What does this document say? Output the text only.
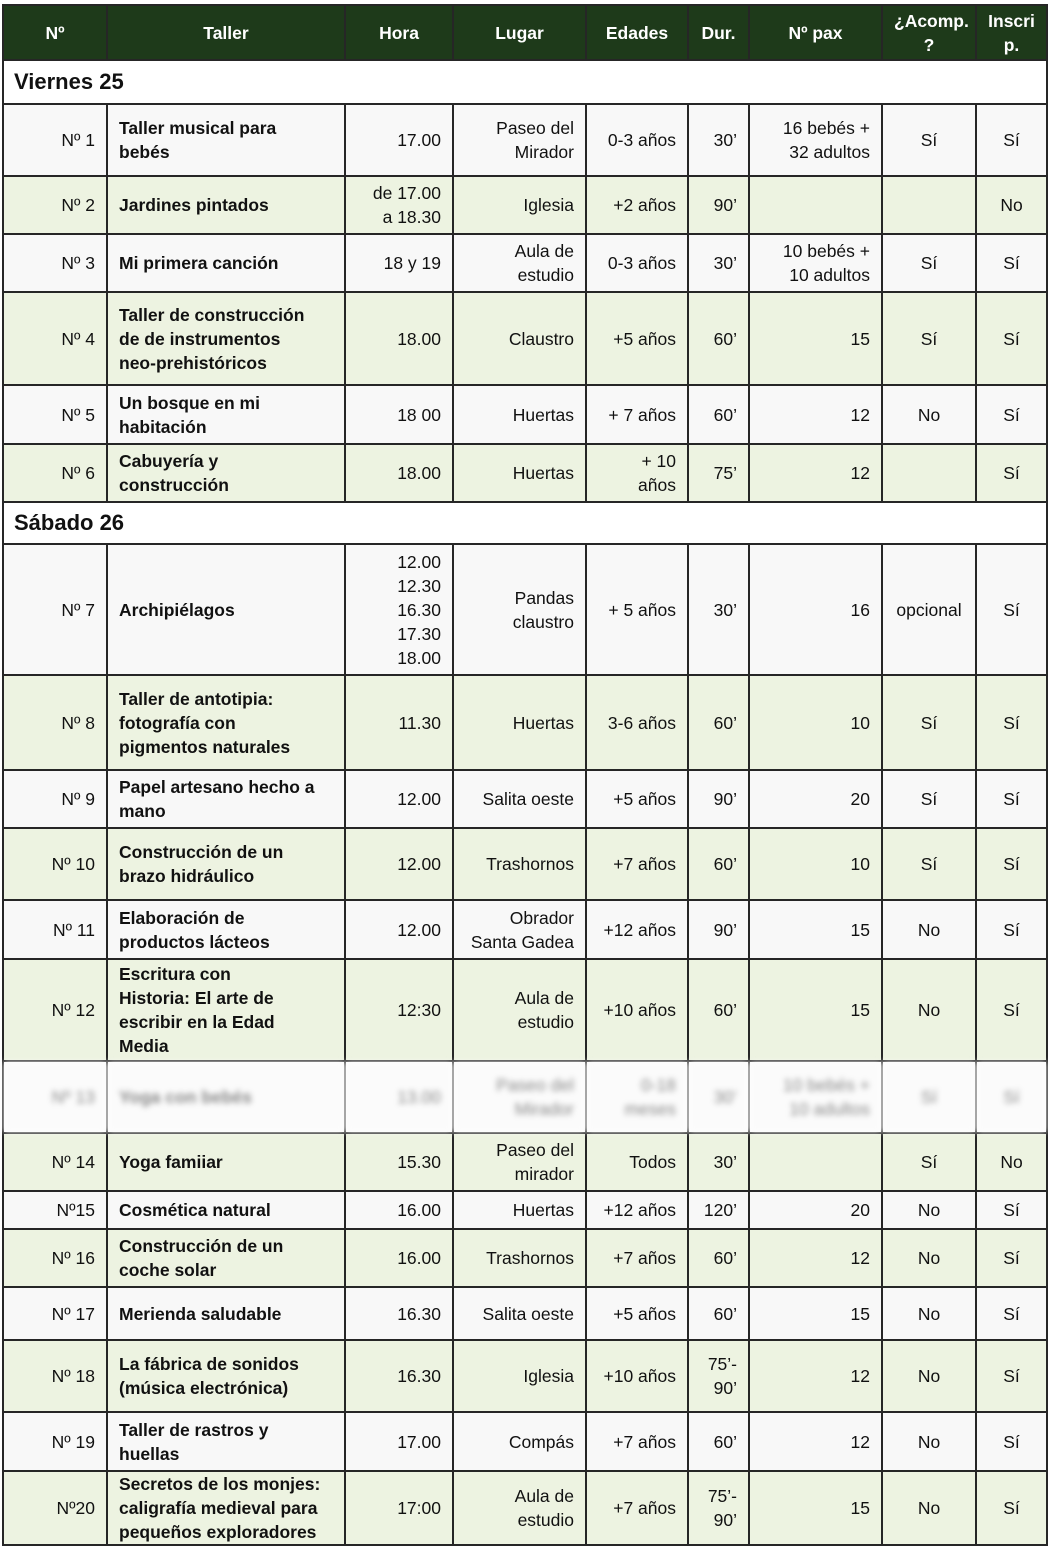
Nº	Taller	Hora	Lugar	Edades	Dur.	Nº pax	¿Acomp. ?	Inscri p.
Viernes 25								
Nº 1	Taller musical para
bebés	17.00	Paseo del
Mirador	0-3 años	30’	16 bebés +
32 adultos	Sí	Sí
Nº 2	Jardines pintados	de 17.00
a 18.30	Iglesia	+2 años	90’			No
Nº 3	Mi primera canción	18 y 19	Aula de
estudio	0-3 años	30’	10 bebés +
10 adultos	Sí	Sí
Nº 4	Taller de construcción
de de instrumentos
neo-prehistóricos	18.00	Claustro	+5 años	60’	15	Sí	Sí
Nº 5	Un bosque en mi
habitación	18 00	Huertas	+ 7 años	60’	12	No	Sí
Nº 6	Cabuyería y
construcción	18.00	Huertas	+ 10
años	75’	12		Sí
Sábado 26								
Nº 7	Archipiélagos	12.00
12.30
16.30
17.30
18.00	Pandas
claustro	+ 5 años	30’	16	opcional	Sí
Nº 8	Taller de antotipia:
fotografía con
pigmentos naturales	11.30	Huertas	3-6 años	60’	10	Sí	Sí
Nº 9	Papel artesano hecho a
mano	12.00	Salita oeste	+5 años	90’	20	Sí	Sí
Nº 10	Construcción de un
brazo hidráulico	12.00	Trashornos	+7 años	60’	10	Sí	Sí
Nº 11	Elaboración de
productos lácteos	12.00	Obrador
Santa Gadea	+12 años	90’	15	No	Sí
Nº 12	Escritura con
Historia: El arte de
escribir en la Edad
Media	12:30	Aula de
estudio	+10 años	60’	15	No	Sí
Nº 13	Yoga con bebés	13.00	Paseo del
Mirador	0-18
meses	30’	10 bebés +
10 adultos	Sí	Sí
Nº 14	Yoga famiiar	15.30	Paseo del
mirador	Todos	30’		Sí	No
Nº15	Cosmética natural	16.00	Huertas	+12 años	120’	20	No	Sí
Nº 16	Construcción de un
coche solar	16.00	Trashornos	+7 años	60’	12	No	Sí
Nº 17	Merienda saludable	16.30	Salita oeste	+5 años	60’	15	No	Sí
Nº 18	La fábrica de sonidos
(música electrónica)	16.30	Iglesia	+10 años	75’-
90’	12	No	Sí
Nº 19	Taller de rastros y
huellas	17.00	Compás	+7 años	60’	12	No	Sí
Nº20	Secretos de los monjes:
caligrafía medieval para
pequeños exploradores	17:00	Aula de
estudio	+7 años	75’-
90’	15	No	Sí
